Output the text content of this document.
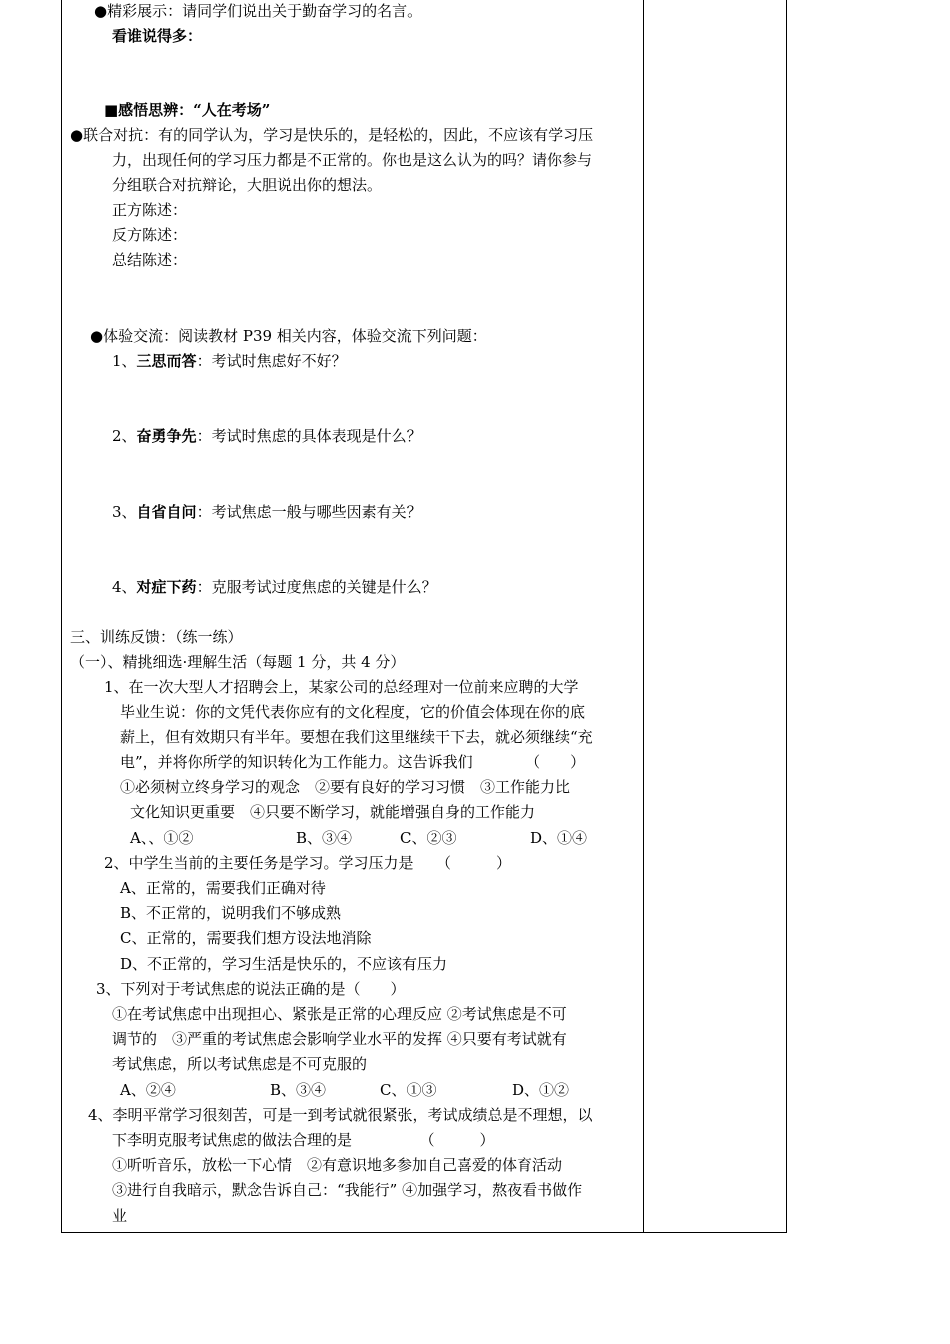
●精彩展示：请同学们说出关于勤奋学习的名言。
看谁说得多：
■感悟思辨：“人在考场”
●联合对抗：有的同学认为，学习是快乐的，是轻松的，因此，不应该有学习压
力，出现任何的学习压力都是不正常的。你也是这么认为的吗？请你参与
分组联合对抗辩论，大胆说出你的想法。
正方陈述：
反方陈述：
总结陈述：
●体验交流：阅读教材 P39 相关内容，体验交流下列问题：
1、三思而答：考试时焦虑好不好？
2、奋勇争先：考试时焦虑的具体表现是什么？
3、自省自问：考试焦虑一般与哪些因素有关？
4、对症下药：克服考试过度焦虑的关键是什么？
三、训练反馈：（练一练）
（一）、精挑细选·理解生活（每题 1 分，共 4 分）
1、在一次大型人才招聘会上，某家公司的总经理对一位前来应聘的大学
毕业生说：你的文凭代表你应有的文化程度，它的价值会体现在你的底
薪上，但有效期只有半年。要想在我们这里继续干下去，就必须继续“充
电”，并将你所学的知识转化为工作能力。这告诉我们　　　　（　　）
①必须树立终身学习的观念　②要有良好的学习习惯　③工作能力比
文化知识更重要　④只要不断学习，就能增强自身的工作能力
A、、①②	B、③④	C、②③	D、①④
2、中学生当前的主要任务是学习。学习压力是　　（　　　）
A、正常的，需要我们正确对待
B、不正常的，说明我们不够成熟
C、正常的，需要我们想方设法地消除
D、不正常的，学习生活是快乐的，不应该有压力
3、下列对于考试焦虑的说法正确的是（　　）
①在考试焦虑中出现担心、紧张是正常的心理反应 ②考试焦虑是不可
调节的　③严重的考试焦虑会影响学业水平的发挥 ④只要有考试就有
考试焦虑，所以考试焦虑是不可克服的
A、②④	B、③④	C、①③	D、①②
4、李明平常学习很刻苦，可是一到考试就很紧张，考试成绩总是不理想，以
下李明克服考试焦虑的做法合理的是　　　　　（　　　）
①听听音乐，放松一下心情　②有意识地多参加自己喜爱的体育活动
③进行自我暗示，默念告诉自己：“我能行” ④加强学习，熬夜看书做作
业
